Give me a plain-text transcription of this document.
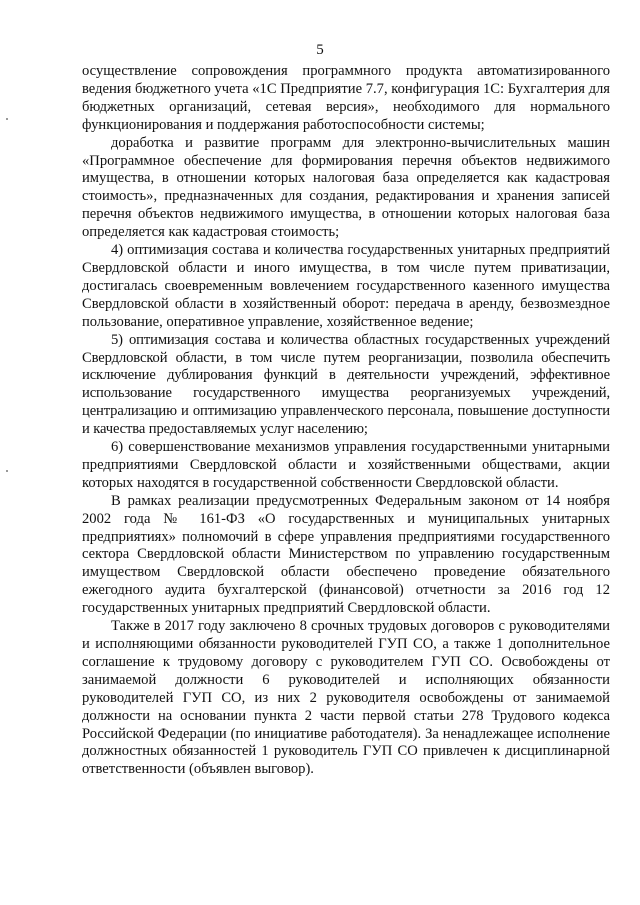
5

осуществление сопровождения программного продукта автоматизированного ведения бюджетного учета «1С Предприятие 7.7, конфигурация 1С: Бухгалтерия для бюджетных организаций, сетевая версия», необходимого для нормального функционирования и поддержания работоспособности системы;

доработка и развитие программ для электронно-вычислительных машин «Программное обеспечение для формирования перечня объектов недвижимого имущества, в отношении которых налоговая база определяется как кадастровая стоимость», предназначенных для создания, редактирования и хранения записей перечня объектов недвижимого имущества, в отношении которых налоговая база определяется как кадастровая стоимость;

4) оптимизация состава и количества государственных унитарных предприятий Свердловской области и иного имущества, в том числе путем приватизации, достигалась своевременным вовлечением государственного казенного имущества Свердловской области в хозяйственный оборот: передача в аренду, безвозмездное пользование, оперативное управление, хозяйственное ведение;

5) оптимизация состава и количества областных государственных учреждений Свердловской области, в том числе путем реорганизации, позволила обеспечить исключение дублирования функций в деятельности учреждений, эффективное использование государственного имущества реорганизуемых учреждений, централизацию и оптимизацию управленческого персонала, повышение доступности и качества предоставляемых услуг населению;

6) совершенствование механизмов управления государственными унитарными предприятиями Свердловской области и хозяйственными обществами, акции которых находятся в государственной собственности Свердловской области.

В рамках реализации предусмотренных Федеральным законом от 14 ноября 2002 года № 161-ФЗ «О государственных и муниципальных унитарных предприятиях» полномочий в сфере управления предприятиями государственного сектора Свердловской области Министерством по управлению государственным имуществом Свердловской области обеспечено проведение обязательного ежегодного аудита бухгалтерской (финансовой) отчетности за 2016 год 12 государственных унитарных предприятий Свердловской области.

Также в 2017 году заключено 8 срочных трудовых договоров с руководителями и исполняющими обязанности руководителей ГУП СО, а также 1 дополнительное соглашение к трудовому договору с руководителем ГУП СО. Освобождены от занимаемой должности 6 руководителей и исполняющих обязанности руководителей ГУП СО, из них 2 руководителя освобождены от занимаемой должности на основании пункта 2 части первой статьи 278 Трудового кодекса Российской Федерации (по инициативе работодателя). За ненадлежащее исполнение должностных обязанностей 1 руководитель ГУП СО привлечен к дисциплинарной ответственности (объявлен выговор).
